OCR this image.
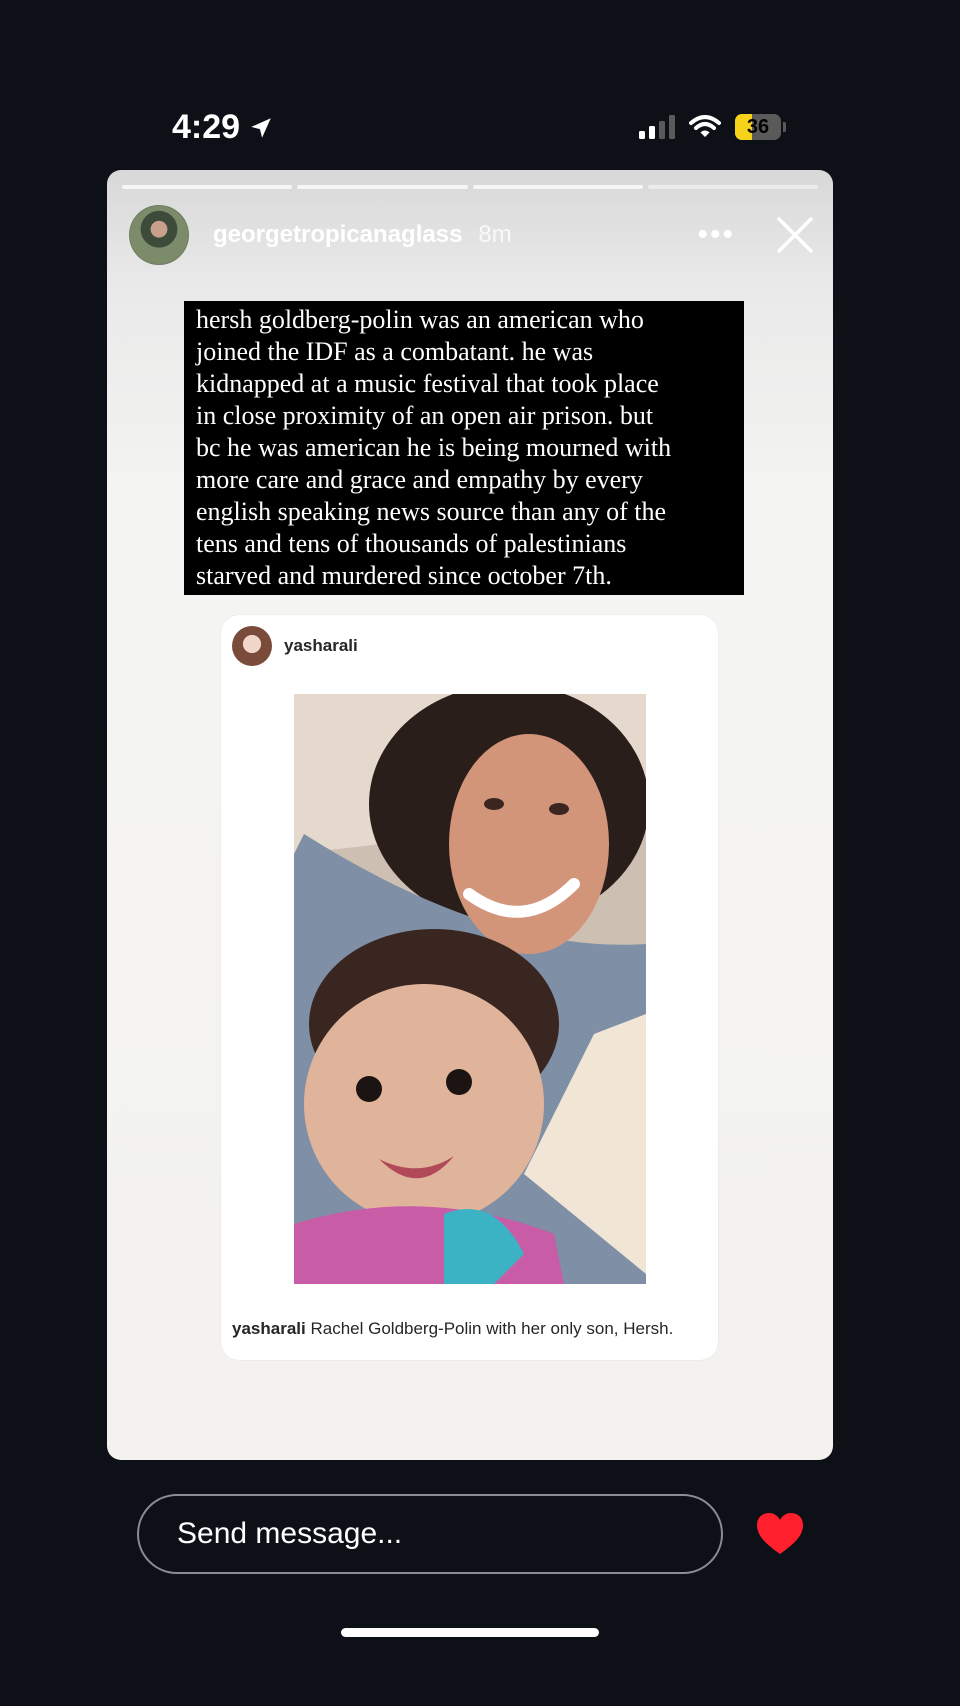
4:29	36
georgetropicanaglass 8m	•••
hersh goldberg-polin was an american who
joined the IDF as a combatant. he was
kidnapped at a music festival that took place
in close proximity of an open air prison. but
bc he was american he is being mourned with
more care and grace and empathy by every
english speaking news source than any of the
tens and tens of thousands of palestinians
starved and murdered since october 7th.
yasharali
yasharali Rachel Goldberg-Polin with her only son, Hersh.
Send message...
